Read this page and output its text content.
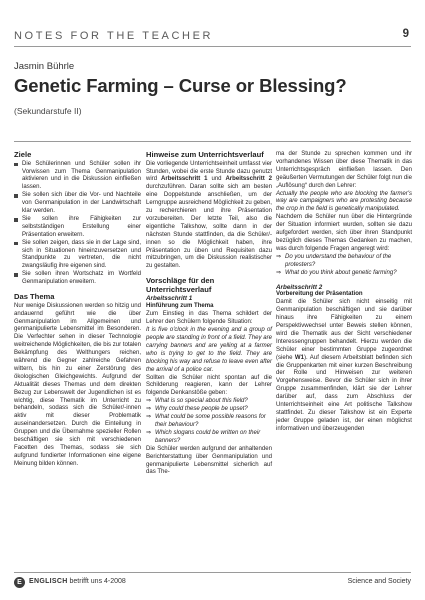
NOTES FOR THE TEACHER	9
Jasmin Bührle
Genetic Farming – Curse or Blessing?
(Sekundarstufe II)
Ziele
Die Schülerinnen und Schüler sollen ihr Vorwissen zum Thema Genmanipulation aktivieren und in die Diskussion einfließen lassen.
Sie sollen sich über die Vor- und Nachteile von Genmanipulation in der Landwirtschaft klar werden.
Sie sollen ihre Fähigkeiten zur selbstständigen Erstellung einer Präsentation erweitern.
Sie sollen zeigen, dass sie in der Lage sind, sich in Situationen hineinzuversetzen und Standpunkte zu vertreten, die nicht zwangsläufig ihre eigenen sind.
Sie sollen ihren Wortschatz im Wortfeld Genmanipulation erweitern.
Das Thema

Nur wenige Diskussionen werden so hitzig und andauernd geführt wie die über Genmanipulation im Allgemeinen und genmanipulierte Lebensmittel im Besonderen. Die Verfechter sehen in dieser Technologie weitreichende Möglichkeiten, die bis zur totalen Bekämpfung des Welthungers reichen, während die Gegner zahlreiche Gefahren wittern, bis hin zu einer Zerstörung des ökologischen Gleichgewichts. Aufgrund der Aktualität dieses Themas und dem direkten Bezug zur Lebenswelt der Jugendlichen ist es wichtig, diese Thematik im Unterricht zu behandeln, sodass sich die Schüler/-innen aktiv mit dieser Problematik auseinandersetzen. Durch die Einteilung in Gruppen und die Übernahme spezieller Rollen beschäftigen sie sich mit verschiedenen Facetten des Themas, sodass sie sich aufgrund fundierter Informationen eine eigene Meinung bilden können.

Hinweise zum Unterrichtsverlauf

Die vorliegende Unterrichtseinheit umfasst vier Stunden, wobei die erste Stunde dazu genutzt wird Arbeitsschritt 1 und Arbeitsschritt 2 durchzuführen. Daran sollte sich am besten eine Doppelstunde anschließen, um der Lerngruppe ausreichend Möglichkeit zu geben, zu recherchieren und ihre Präsentation vorzubereiten. Der letzte Teil, also die eigentliche Talkshow, sollte dann in der nächsten Stunde stattfinden, da die Schüler/-innen so die Möglichkeit haben, ihre Präsentation zu üben und Requisiten dazu mitzubringen, um die Diskussion realistischer zu gestalten.

Vorschläge für den Unterrichtsverlauf
Arbeitsschritt 1
Hinführung zum Thema

Zum Einstieg in das Thema schildert der Lehrer den Schülern folgende Situation:

It is five o'clock in the evening and a group of people are standing in front of a field. They are carrying banners and are yelling at a farmer who is trying to get to the field. They are blocking his way and refuse to leave even after the arrival of a police car.

Sollten die Schüler nicht spontan auf die Schilderung reagieren, kann der Lehrer folgende Denkanstöße geben:

⇒ What is so special about this field?
⇒ Why could these people be upset?
⇒ What could be some possible reasons for their behaviour?
⇒ Which slogans could be written on their banners?

Die Schüler werden aufgrund der anhaltenden Berichterstattung über Genmanipulation und genmanipulierte Lebensmittel sicherlich auf das The-

ma der Stunde zu sprechen kommen und ihr vorhandenes Wissen über diese Thematik in das Unterrichtsgespräch einfließen lassen. Den geäußerten Vermutungen der Schüler folgt nun die „Auflösung“ durch den Lehrer:

Actually the people who are blocking the farmer's way are campaigners who are protesting because the crop in the field is genetically manipulated.

Nachdem die Schüler nun über die Hintergründe der Situation informiert wurden, sollten sie dazu aufgefordert werden, sich über ihren Standpunkt bezüglich dieses Themas Gedanken zu machen, was durch folgende Fragen angeregt wird:

⇒ Do you understand the behaviour of the protesters?
⇒ What do you think about genetic farming?
Arbeitsschritt 2
Vorbereitung der Präsentation

Damit die Schüler sich nicht einseitig mit Genmanipulation beschäftigen und sie darüber hinaus ihre Fähigkeiten zu einem Perspektivwechsel unter Beweis stellen können, wird die Thematik aus der Sicht verschiedener Interessengruppen behandelt. Hierzu werden die Schüler einer bestimmten Gruppe zugeordnet (siehe W1). Auf diesem Arbeitsblatt befinden sich die Gruppenkarten mit einer kurzen Beschreibung der Rolle und Hinweisen zur weiteren Vorgehensweise. Bevor die Schüler sich in ihrer Gruppe zusammenfinden, klärt sie der Lehrer darüber auf, dass zum Abschluss der Unterrichtseinheit eine Art politische Talkshow stattfindet. Zu dieser Talkshow ist ein Experte jeder Gruppe geladen ist, der einen möglichst informativen und überzeugenden

E	ENGLISCH betrifft uns 4-2008	Science and Society
